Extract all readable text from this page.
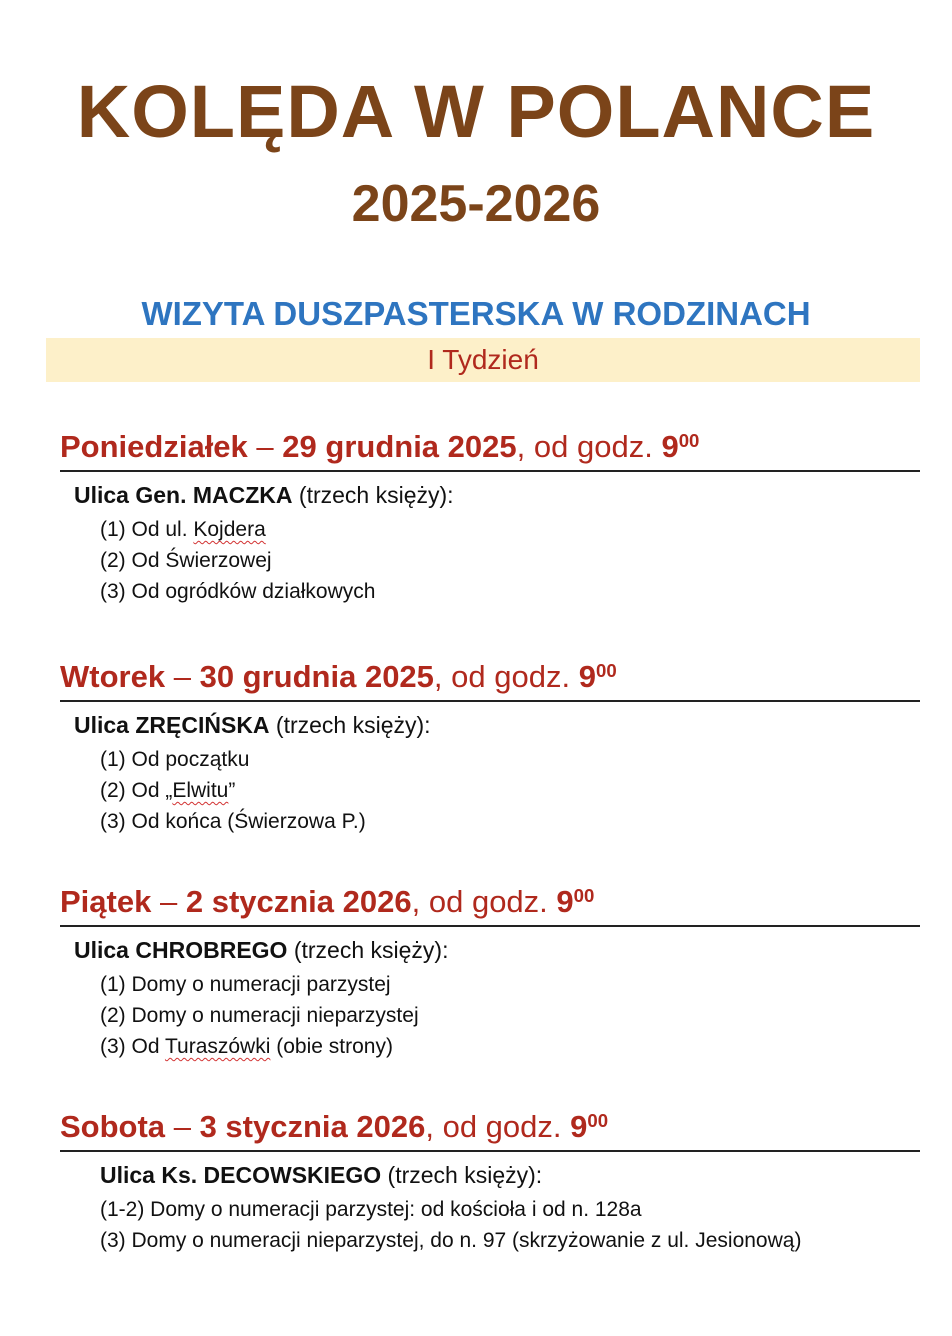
KOLĘDA W POLANCE
2025-2026
WIZYTA DUSZPASTERSKA W RODZINACH
I Tydzień
Poniedziałek – 29 grudnia 2025, od godz. $9^{00}$
Ulica Gen. MACZKA (trzech księży):
(1) Od ul. Kojdera
(2) Od Świerzowej
(3) Od ogródków działkowych
Wtorek – 30 grudnia 2025, od godz. $9^{00}$
Ulica ZRĘCIŃSKA (trzech księży):
(1) Od początku
(2) Od „Elwitu”
(3) Od końca (Świerzowa P.)
Piątek – 2 stycznia 2026, od godz. $9^{00}$
Ulica CHROBREGO (trzech księży):
(1) Domy o numeracji parzystej
(2) Domy o numeracji nieparzystej
(3) Od Turaszówki (obie strony)
Sobota – 3 stycznia 2026, od godz. $9^{00}$
Ulica Ks. DECOWSKIEGO (trzech księży):
(1-2) Domy o numeracji parzystej: od kościoła i od n. 128a
(3) Domy o numeracji nieparzystej, do n. 97 (skrzyżowanie z ul. Jesionową)
